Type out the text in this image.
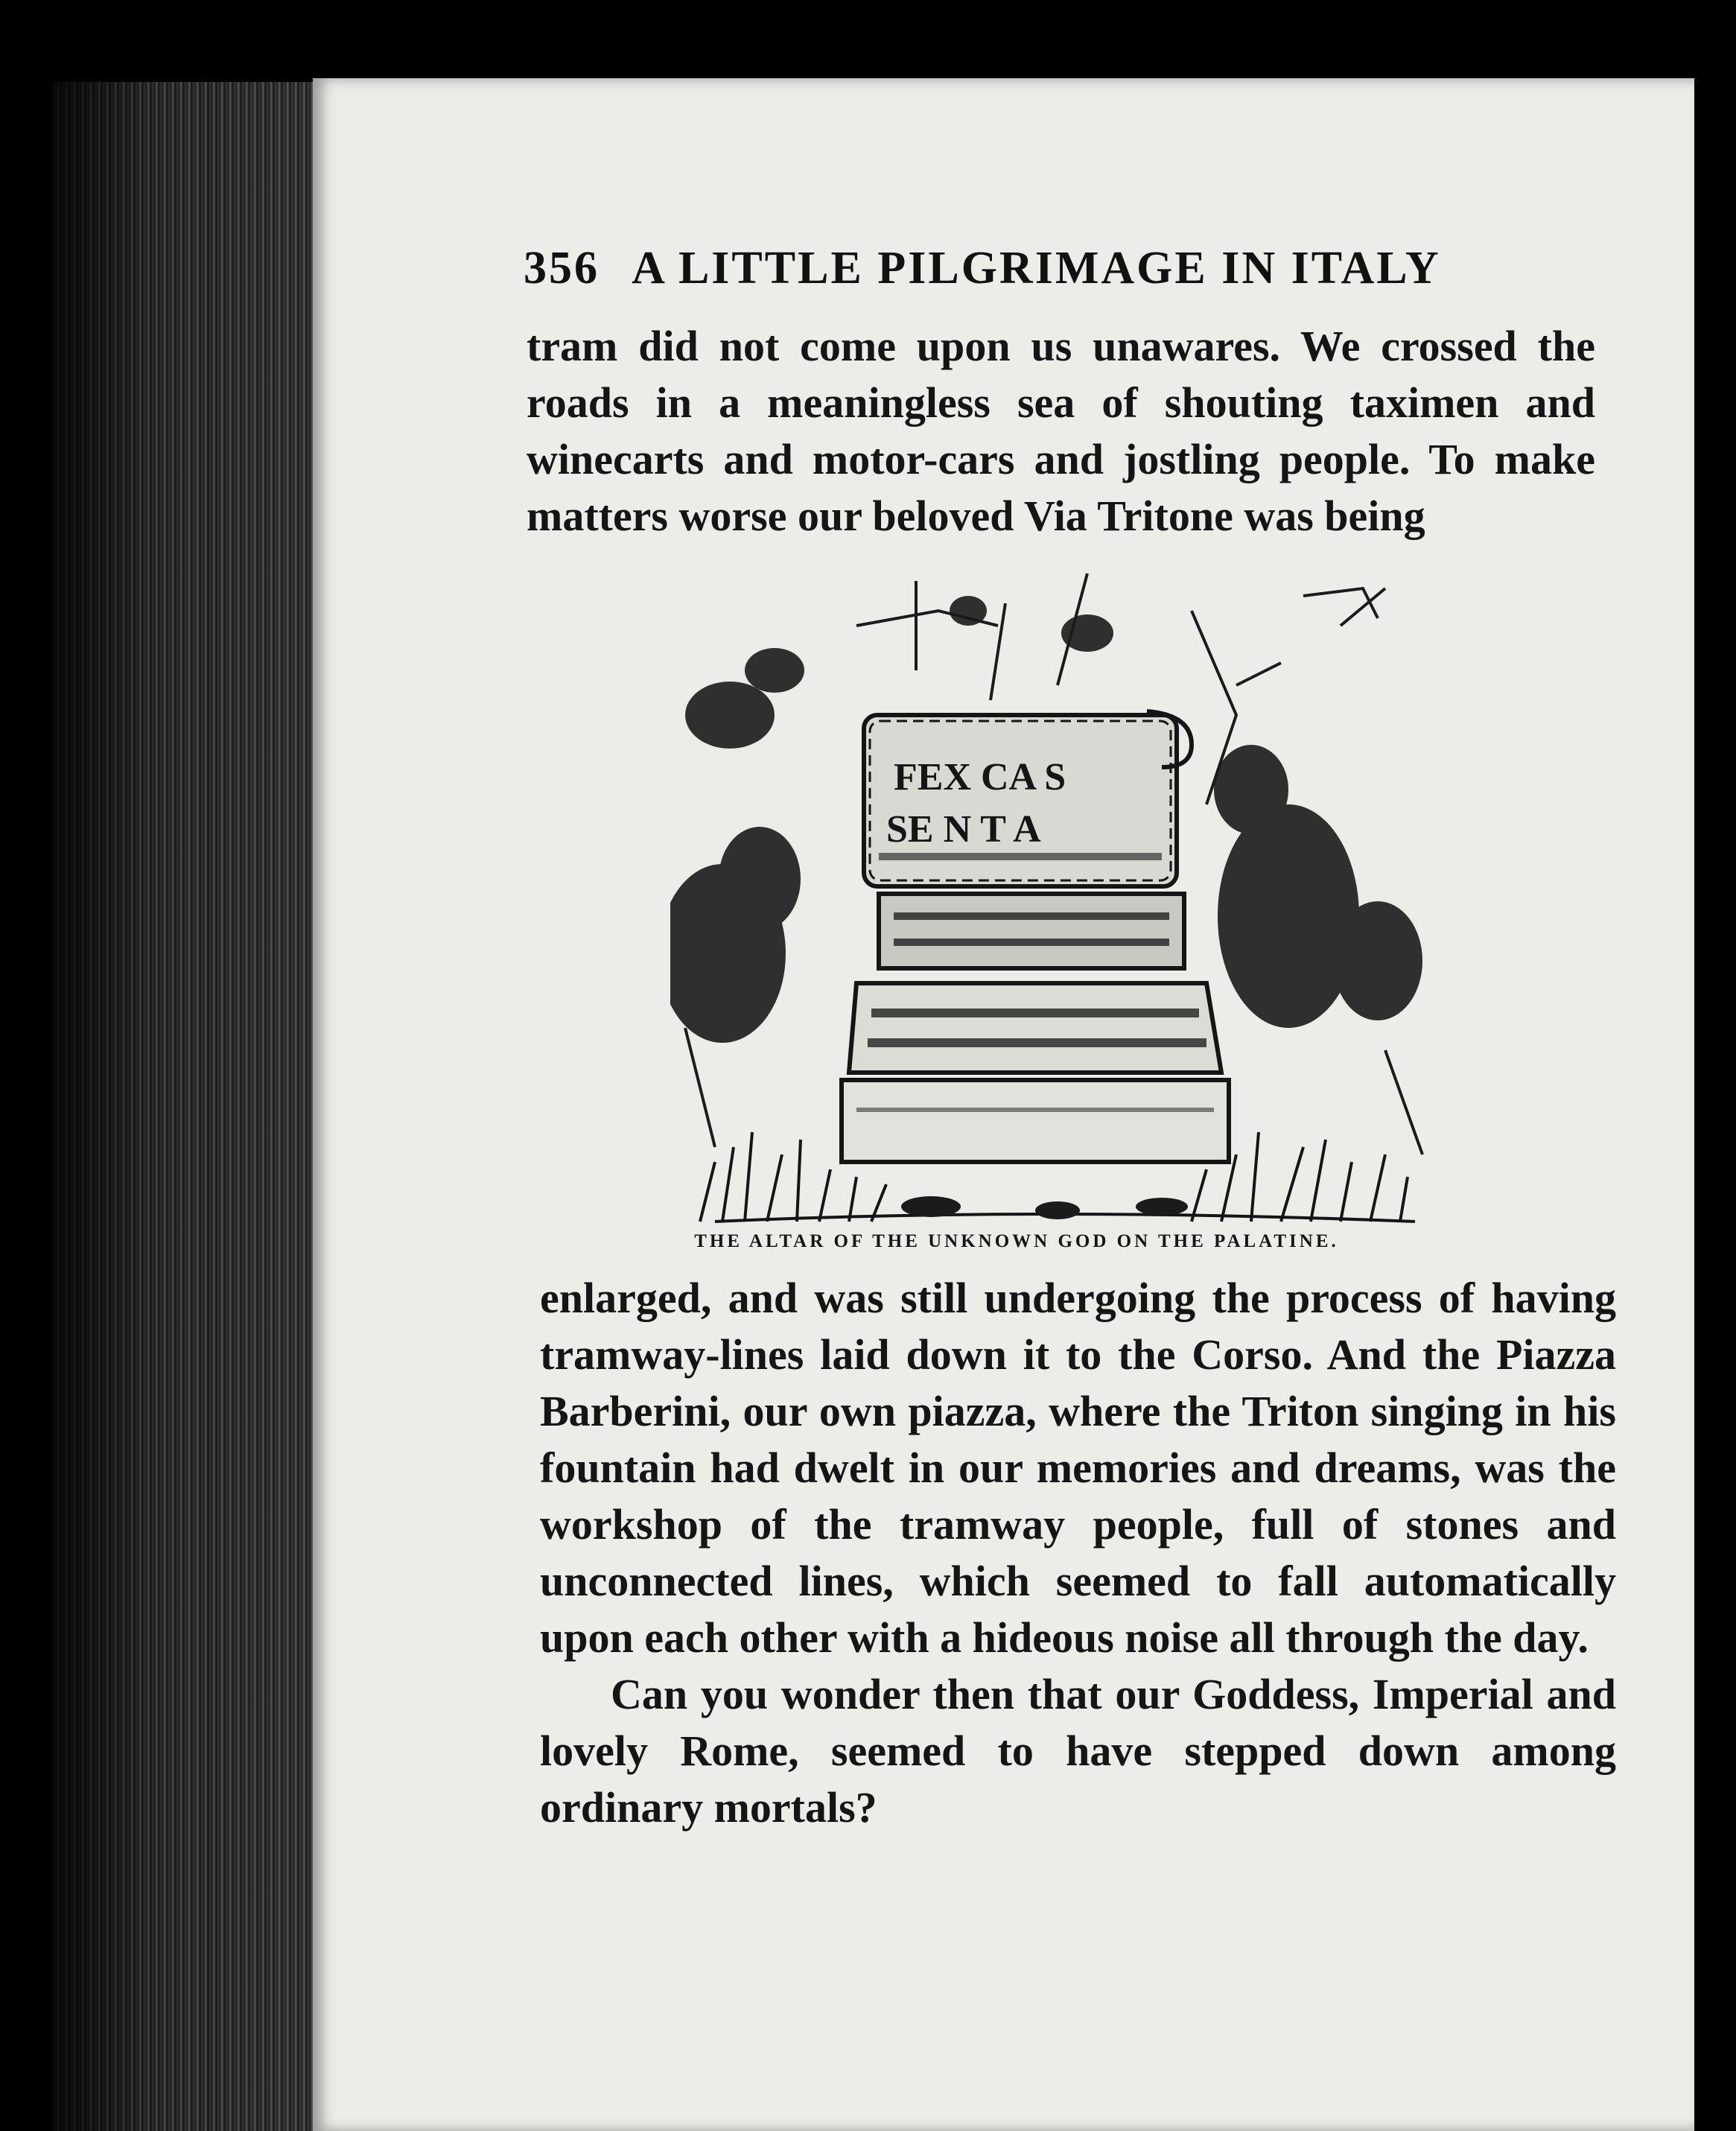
356 A LITTLE PILGRIMAGE IN ITALY

tram did not come upon us unawares. We crossed the roads in a meaningless sea of shouting taximen and winecarts and motor-cars and jostling people. To make matters worse our beloved Via Tritone was being

FEX CA S
SE N T A
THE ALTAR OF THE UNKNOWN GOD ON THE PALATINE.

enlarged, and was still undergoing the process of having tramway-lines laid down it to the Corso. And the Piazza Barberini, our own piazza, where the Triton singing in his fountain had dwelt in our memories and dreams, was the workshop of the tramway people, full of stones and unconnected lines, which seemed to fall automatically upon each other with a hideous noise all through the day.

Can you wonder then that our Goddess, Imperial and lovely Rome, seemed to have stepped down among ordinary mortals?
